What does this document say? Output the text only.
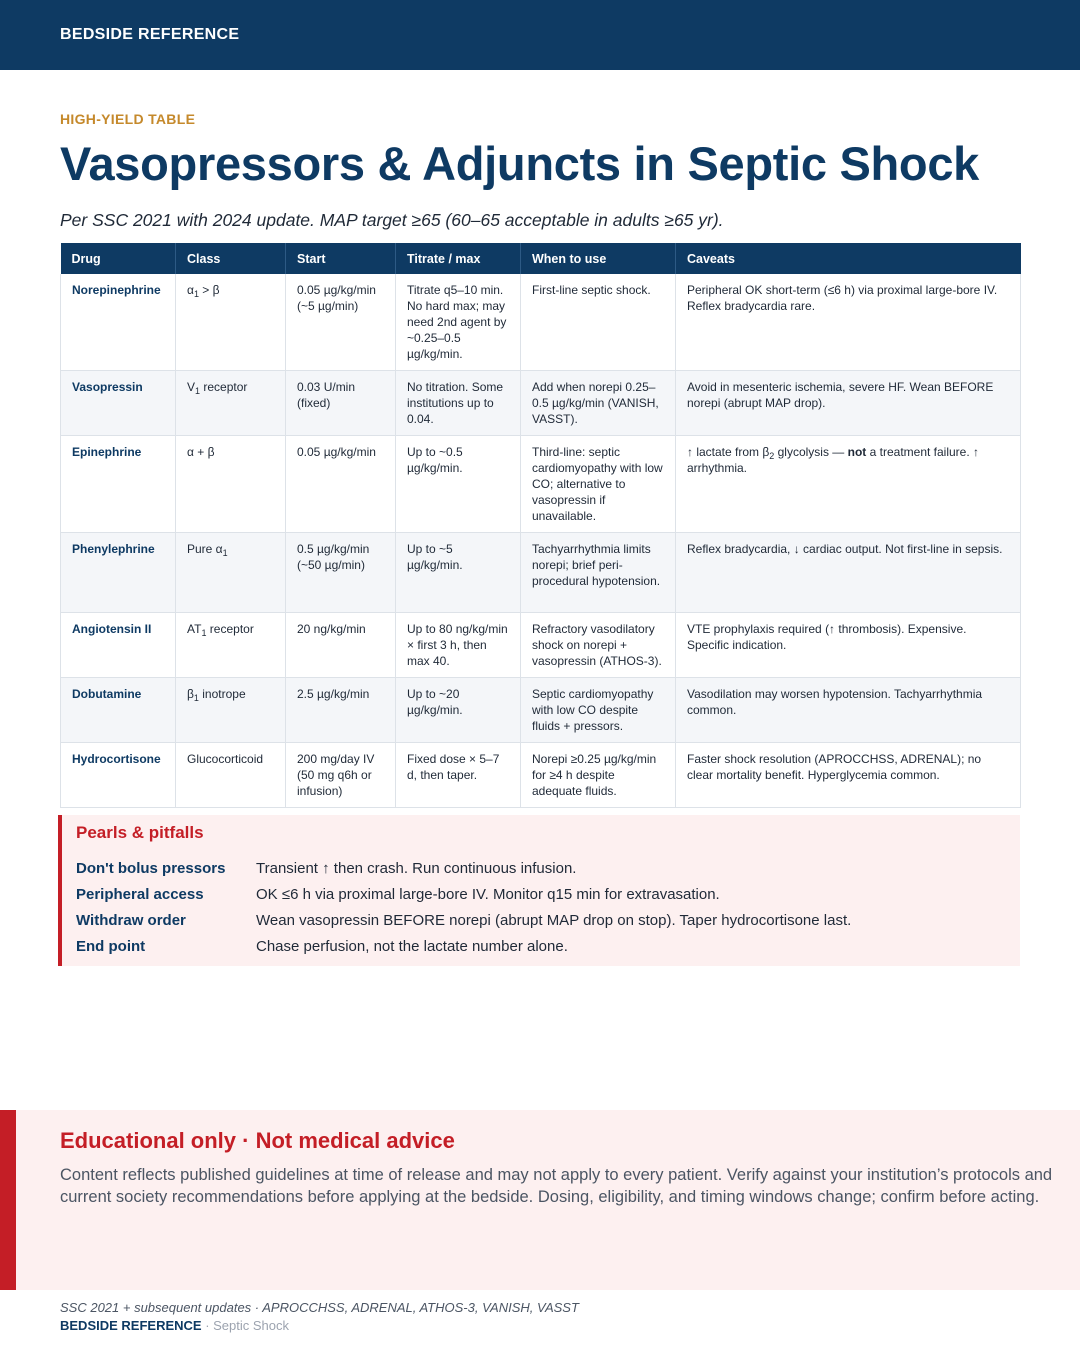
BEDSIDE REFERENCE
HIGH-YIELD TABLE
Vasopressors & Adjuncts in Septic Shock
Per SSC 2021 with 2024 update. MAP target ≥65 (60–65 acceptable in adults ≥65 yr).
Drug	Class	Start	Titrate / max	When to use	Caveats
Norepinephrine	$\alpha_1 > \beta$	0.05 µg/kg/min (~5 µg/min)	Titrate q5–10 min. No hard max; may need 2nd agent by ~0.25–0.5 µg/kg/min.	First-line septic shock.	Peripheral OK short-term (≤6 h) via proximal large-bore IV. Reflex bradycardia rare.
Vasopressin	$V_1$ receptor	0.03 U/min (fixed)	No titration. Some institutions up to 0.04.	Add when norepi 0.25–0.5 µg/kg/min (VANISH, VASST).	Avoid in mesenteric ischemia, severe HF. Wean BEFORE norepi (abrupt MAP drop).
Epinephrine	α + β	0.05 µg/kg/min	Up to ~0.5 µg/kg/min.	Third-line: septic cardiomyopathy with low CO; alternative to vasopressin if unavailable.	↑ lactate from $\beta_2$ glycolysis — not a treatment failure. ↑ arrhythmia.
Phenylephrine	Pure $\alpha_1$	0.5 µg/kg/min (~50 µg/min)	Up to ~5 µg/kg/min.	Tachyarrhythmia limits norepi; brief peri-procedural hypotension.	Reflex bradycardia, ↓ cardiac output. Not first-line in sepsis.
Angiotensin II	$AT_1$ receptor	20 ng/kg/min	Up to 80 ng/kg/min × first 3 h, then max 40.	Refractory vasodilatory shock on norepi + vasopressin (ATHOS-3).	VTE prophylaxis required (↑ thrombosis). Expensive. Specific indication.
Dobutamine	$\beta_1$ inotrope	2.5 µg/kg/min	Up to ~20 µg/kg/min.	Septic cardiomyopathy with low CO despite fluids + pressors.	Vasodilation may worsen hypotension. Tachyarrhythmia common.
Hydrocortisone	Glucocorticoid	200 mg/day IV (50 mg q6h or infusion)	Fixed dose × 5–7 d, then taper.	Norepi ≥0.25 µg/kg/min for ≥4 h despite adequate fluids.	Faster shock resolution (APROCCHSS, ADRENAL); no clear mortality benefit. Hyperglycemia common.
Pearls & pitfalls
Don't bolus pressors	Transient ↑ then crash. Run continuous infusion.
Peripheral access	OK ≤6 h via proximal large-bore IV. Monitor q15 min for extravasation.
Withdraw order	Wean vasopressin BEFORE norepi (abrupt MAP drop on stop). Taper hydrocortisone last.
End point	Chase perfusion, not the lactate number alone.
Educational only · Not medical advice

Content reflects published guidelines at time of release and may not apply to every patient. Verify against your institution’s protocols and current society recommendations before applying at the bedside. Dosing, eligibility, and timing windows change; confirm before acting.

SSC 2021 + subsequent updates · APROCCHSS, ADRENAL, ATHOS-3, VANISH, VASST
BEDSIDE REFERENCE · Septic Shock
